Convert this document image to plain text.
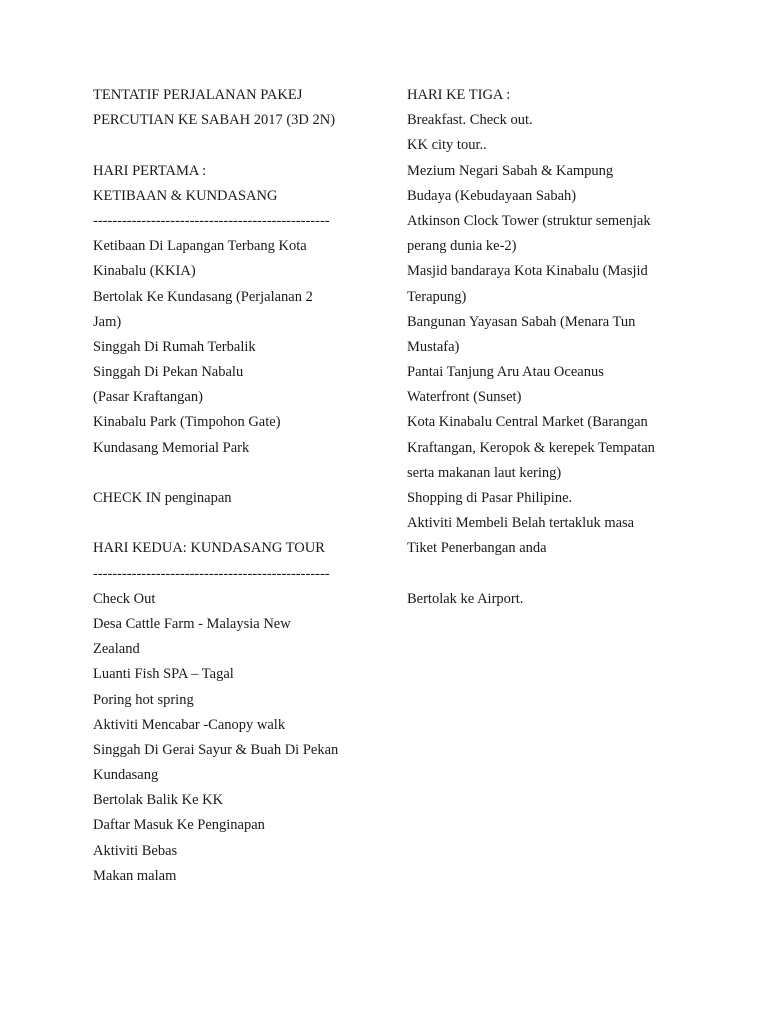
TENTATIF PERJALANAN PAKEJ
PERCUTIAN KE SABAH 2017 (3D 2N)
HARI PERTAMA :
KETIBAAN & KUNDASANG
-------------------------------------------------
Ketibaan Di Lapangan Terbang Kota
Kinabalu (KKIA)
Bertolak Ke Kundasang (Perjalanan 2
Jam)
Singgah Di Rumah Terbalik
Singgah Di Pekan Nabalu
(Pasar Kraftangan)
Kinabalu Park (Timpohon Gate)
Kundasang Memorial Park
CHECK IN penginapan
HARI KEDUA: KUNDASANG TOUR
-------------------------------------------------
Check Out
Desa Cattle Farm - Malaysia New
Zealand
Luanti Fish SPA – Tagal
Poring hot spring
Aktiviti Mencabar -Canopy walk
Singgah Di Gerai Sayur & Buah Di Pekan
Kundasang
Bertolak Balik Ke KK
Daftar Masuk Ke Penginapan
Aktiviti Bebas
Makan malam
HARI KE TIGA :
Breakfast. Check out.
KK city tour..
Mezium Negari Sabah & Kampung
Budaya (Kebudayaan Sabah)
Atkinson Clock Tower (struktur semenjak
perang dunia ke-2)
Masjid bandaraya Kota Kinabalu (Masjid
Terapung)
Bangunan Yayasan Sabah (Menara Tun
Mustafa)
Pantai Tanjung Aru Atau Oceanus
Waterfront (Sunset)
Kota Kinabalu Central Market (Barangan
Kraftangan, Keropok & kerepek Tempatan
serta makanan laut kering)
Shopping di Pasar Philipine.
Aktiviti Membeli Belah tertakluk masa
Tiket Penerbangan anda
Bertolak ke Airport.
